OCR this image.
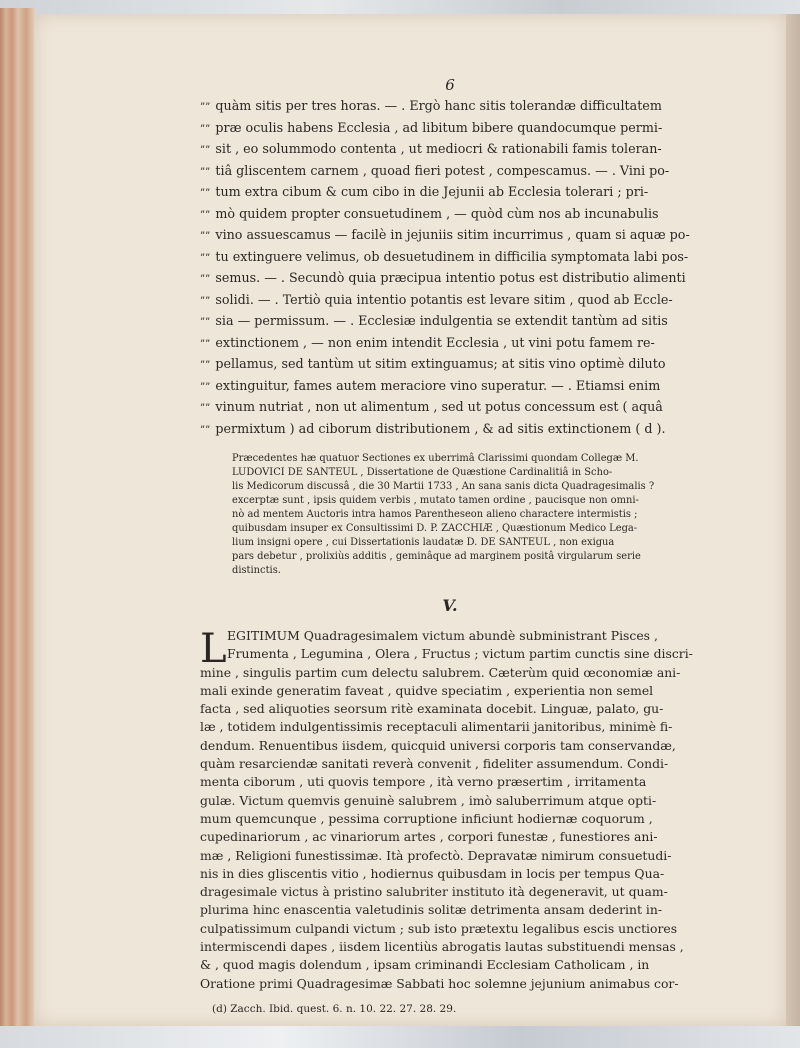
6
”” quàm sitis per tres horas. — . Ergò hanc sitis tolerandæ difficultatem
”” præ oculis habens Ecclesia , ad libitum bibere quandocumque permi-
”” sit , eo solummodo contenta , ut mediocri & rationabili famis toleran-
”” tiâ gliscentem carnem , quoad fieri potest , compescamus. — . Vini po-
”” tum extra cibum & cum cibo in die Jejunii ab Ecclesia tolerari ; pri-
”” mò quidem propter consuetudinem , — quòd cùm nos ab incunabulis
”” vino assuescamus — facilè in jejuniis sitim incurrimus , quam si aquæ po-
”” tu extinguere velimus, ob desuetudinem in difficilia symptomata labi pos-
”” semus. — . Secundò quia præcipua intentio potus est distributio alimenti
”” solidi. — . Tertiò quia intentio potantis est levare sitim , quod ab Eccle-
”” sia — permissum. — . Ecclesiæ indulgentia se extendit tantùm ad sitis
”” extinctionem , — non enim intendit Ecclesia , ut vini potu famem re-
”” pellamus, sed tantùm ut sitim extinguamus; at sitis vino optimè diluto
”” extinguitur, fames autem meraciore vino superatur. — . Etiamsi enim
”” vinum nutriat , non ut alimentum , sed ut potus concessum est ( aquâ
”” permixtum ) ad ciborum distributionem , & ad sitis extinctionem ( d ).
Præcedentes hæ quatuor Sectiones ex uberrimâ Clarissimi quondam Collegæ M.
LUDOVICI DE SANTEUL , Dissertatione de Quæstione Cardinalitiâ in Scho-
lis Medicorum discussâ , die 30 Martii 1733 , An sana sanis dicta Quadragesimalis ?
excerptæ sunt , ipsis quidem verbis , mutato tamen ordine , paucisque non omni-
nò ad mentem Auctoris intra hamos Parentheseon alieno charactere intermistis ;
quibusdam insuper ex Consultissimi D. P. ZACCHIÆ , Quæstionum Medico Lega-
lium insigni opere , cui Dissertationis laudatæ D. DE SANTEUL , non exigua
pars debetur , prolixiùs additis , geminâque ad marginem positâ virgularum serie
distinctis.
V.
L EGITIMUM Quadragesimalem victum abundè subministrant Pisces ,
Frumenta , Legumina , Olera , Fructus ; victum partim cunctis sine discri-
mine , singulis partim cum delectu salubrem. Cæterùm quid œconomiæ ani-
mali exinde generatim faveat , quidve speciatim , experientia non semel
facta , sed aliquoties seorsum ritè examinata docebit. Linguæ, palato, gu-
læ , totidem indulgentissimis receptaculi alimentarii janitoribus, minimè fi-
dendum. Renuentibus iisdem, quicquid universi corporis tam conservandæ,
quàm resarciendæ sanitati reverà convenit , fideliter assumendum. Condi-
menta ciborum , uti quovis tempore , ità verno præsertim , irritamenta
gulæ. Victum quemvis genuinè salubrem , imò saluberrimum atque opti-
mum quemcunque , pessima corruptione inficiunt hodiernæ coquorum ,
cupedinariorum , ac vinariorum artes , corpori funestæ , funestiores ani-
mæ , Religioni funestissimæ. Ità profectò. Depravatæ nimirum consuetudi-
nis in dies gliscentis vitio , hodiernus quibusdam in locis per tempus Qua-
dragesimale victus à pristino salubriter instituto ità degeneravit, ut quam-
plurima hinc enascentia valetudinis solitæ detrimenta ansam dederint in-
culpatissimum culpandi victum ; sub isto prætextu legalibus escis unctiores
intermiscendi dapes , iisdem licentiùs abrogatis lautas substituendi mensas ,
& , quod magis dolendum , ipsam criminandi Ecclesiam Catholicam , in
Oratione primi Quadragesimæ Sabbati hoc solemne jejunium animabus cor-
(d) Zacch. Ibid. quest. 6. n. 10. 22. 27. 28. 29.
